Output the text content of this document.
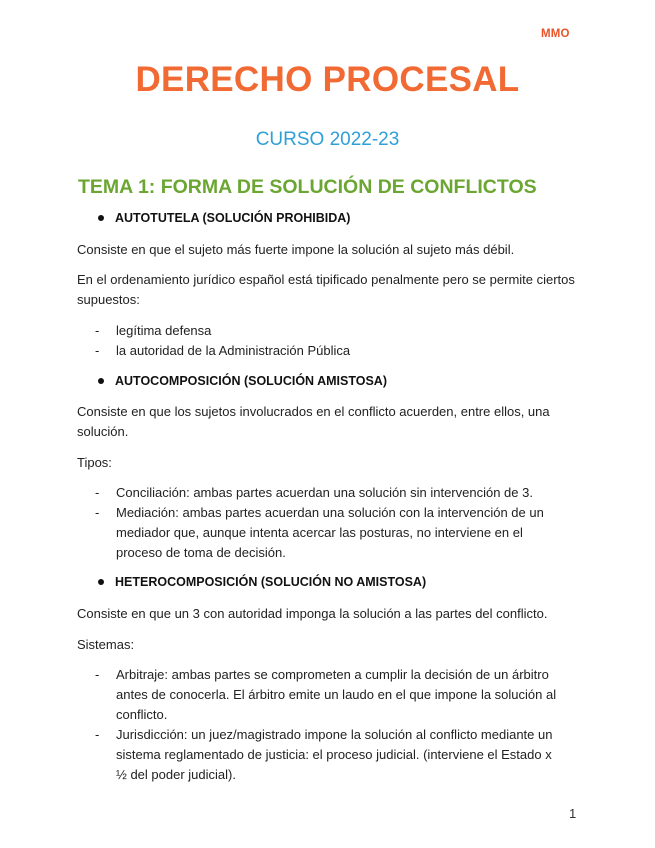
MMO
DERECHO PROCESAL
CURSO 2022-23
TEMA 1: FORMA DE SOLUCIÓN DE CONFLICTOS
AUTOTUTELA (SOLUCIÓN PROHIBIDA)
Consiste en que el sujeto más fuerte impone la solución al sujeto más débil.
En el ordenamiento jurídico español está tipificado penalmente pero se permite ciertos
supuestos:
- legítima defensa
- la autoridad de la Administración Pública
AUTOCOMPOSICIÓN (SOLUCIÓN AMISTOSA)
Consiste en que los sujetos involucrados en el conflicto acuerden, entre ellos, una
solución.
Tipos:
- Conciliación: ambas partes acuerdan una solución sin intervención de 3.
- Mediación: ambas partes acuerdan una solución con la intervención de un mediador que, aunque intenta acercar las posturas, no interviene en el proceso de toma de decisión.
HETEROCOMPOSICIÓN (SOLUCIÓN NO AMISTOSA)
Consiste en que un 3 con autoridad imponga la solución a las partes del conflicto.
Sistemas:
- Arbitraje: ambas partes se comprometen a cumplir la decisión de un árbitro antes de conocerla. El árbitro emite un laudo en el que impone la solución al conflicto.
- Jurisdicción: un juez/magistrado impone la solución al conflicto mediante un sistema reglamentado de justicia: el proceso judicial. (interviene el Estado x ½ del poder judicial).
1
